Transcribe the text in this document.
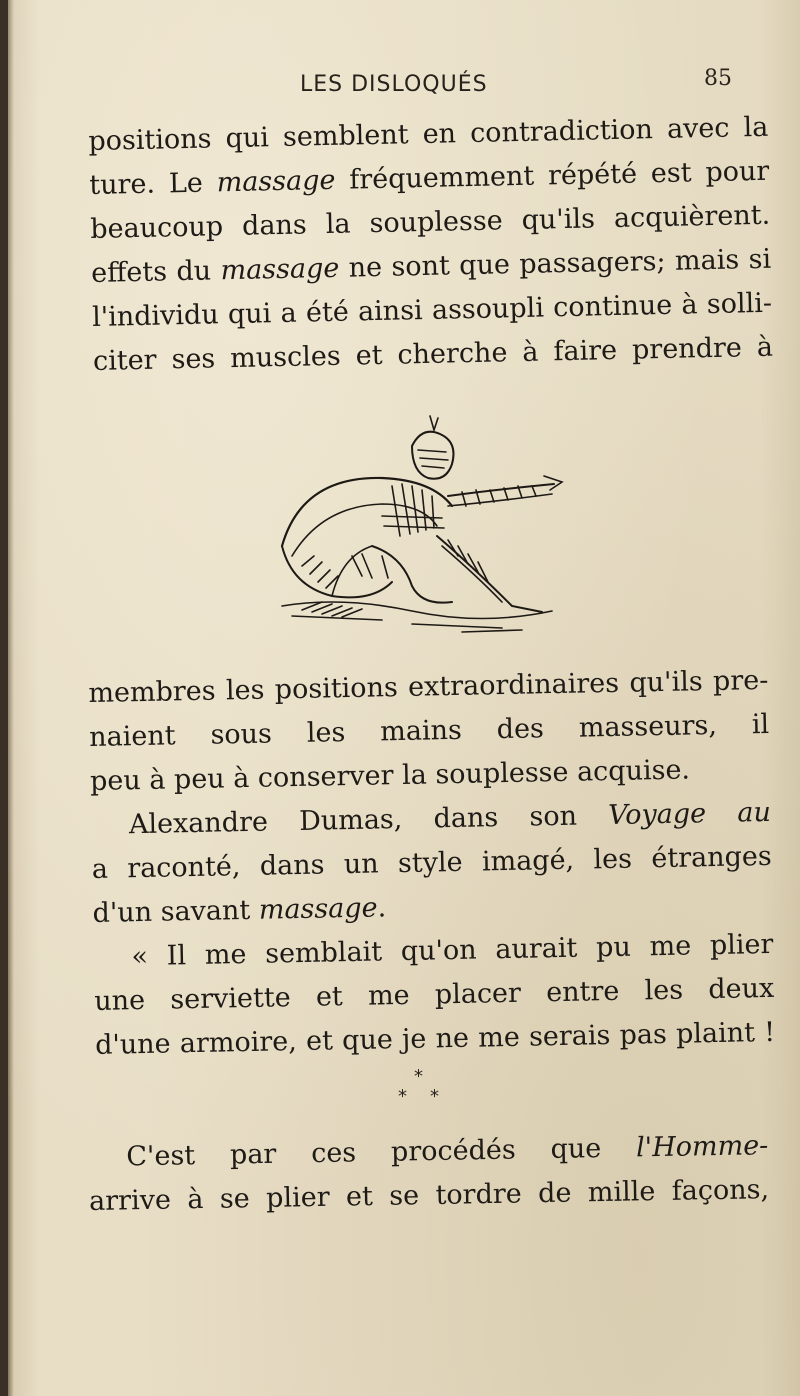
LES DISLOQUÉS	85
positions qui semblent en contradiction avec la
ture. Le massage fréquemment répété est pour
beaucoup dans la souplesse qu'ils acquièrent.
effets du massage ne sont que passagers; mais si
l'individu qui a été ainsi assoupli continue à solli-
citer ses muscles et cherche à faire prendre à
membres les positions extraordinaires qu'ils pre-
naient sous les mains des masseurs, il
peu à peu à conserver la souplesse acquise.
Alexandre Dumas, dans son Voyage au
a raconté, dans un style imagé, les étranges
d'un savant massage.
« Il me semblait qu'on aurait pu me plier
une serviette et me placer entre les deux
d'une armoire, et que je ne me serais pas plaint !
*
* *
C'est par ces procédés que l'Homme-Caoutchouc
arrive à se plier et se tordre de mille façons,
